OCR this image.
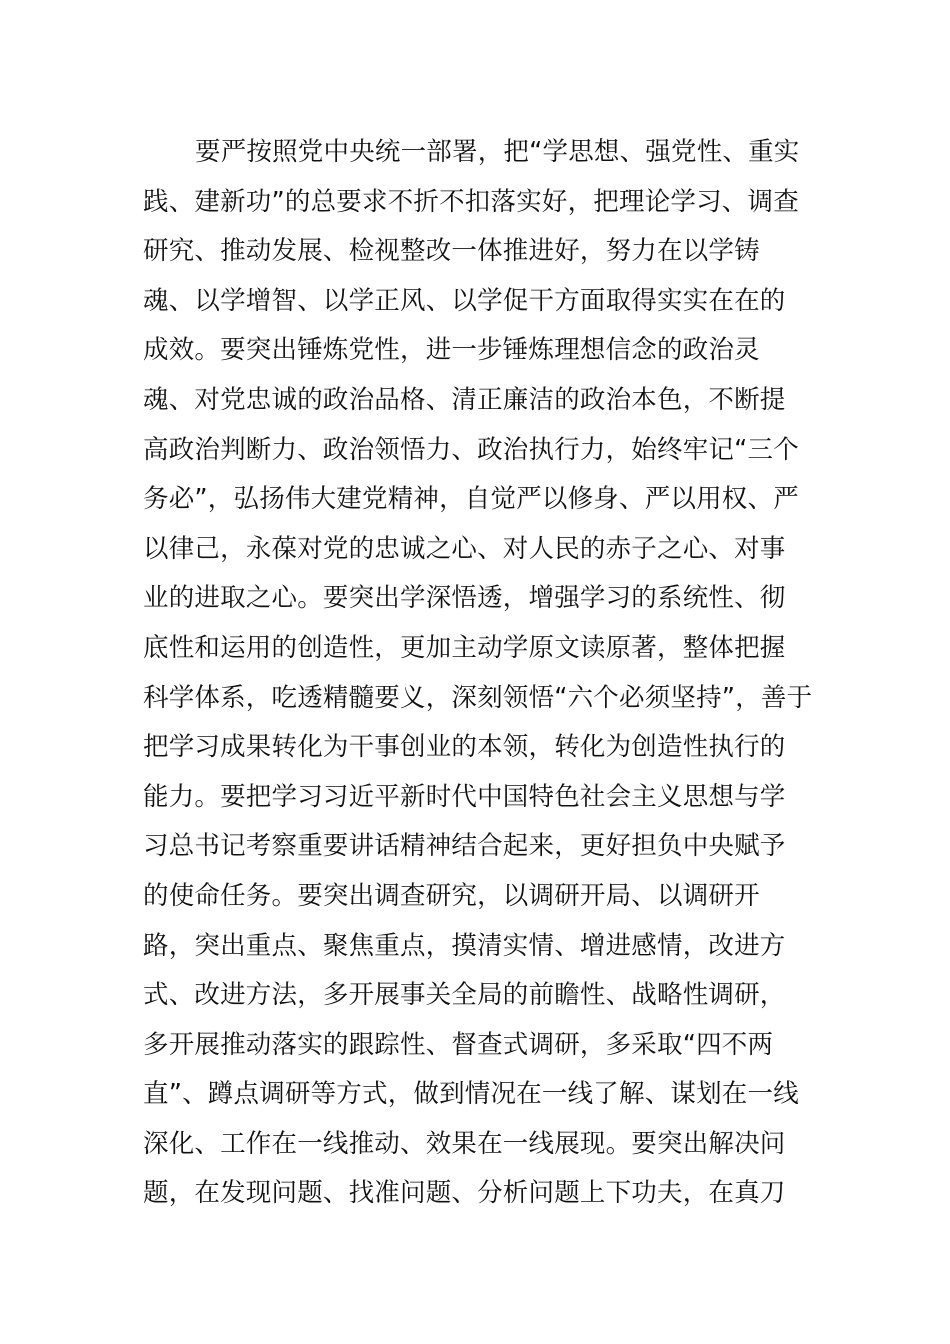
要严按照党中央统一部署，把“学思想、强党性、重实
践、建新功”的总要求不折不扣落实好，把理论学习、调查
研究、推动发展、检视整改一体推进好，努力在以学铸
魂、以学增智、以学正风、以学促干方面取得实实在在的
成效。要突出锤炼党性，进一步锤炼理想信念的政治灵
魂、对党忠诚的政治品格、清正廉洁的政治本色，不断提
高政治判断力、政治领悟力、政治执行力，始终牢记“三个
务必”，弘扬伟大建党精神，自觉严以修身、严以用权、严
以律己，永葆对党的忠诚之心、对人民的赤子之心、对事
业的进取之心。要突出学深悟透，增强学习的系统性、彻
底性和运用的创造性，更加主动学原文读原著，整体把握
科学体系，吃透精髓要义，深刻领悟“六个必须坚持”，善于
把学习成果转化为干事创业的本领，转化为创造性执行的
能力。要把学习习近平新时代中国特色社会主义思想与学
习总书记考察重要讲话精神结合起来，更好担负中央赋予
的使命任务。要突出调查研究，以调研开局、以调研开
路，突出重点、聚焦重点，摸清实情、增进感情，改进方
式、改进方法，多开展事关全局的前瞻性、战略性调研，
多开展推动落实的跟踪性、督查式调研，多采取“四不两
直”、蹲点调研等方式，做到情况在一线了解、谋划在一线
深化、工作在一线推动、效果在一线展现。要突出解决问
题，在发现问题、找准问题、分析问题上下功夫，在真刀
